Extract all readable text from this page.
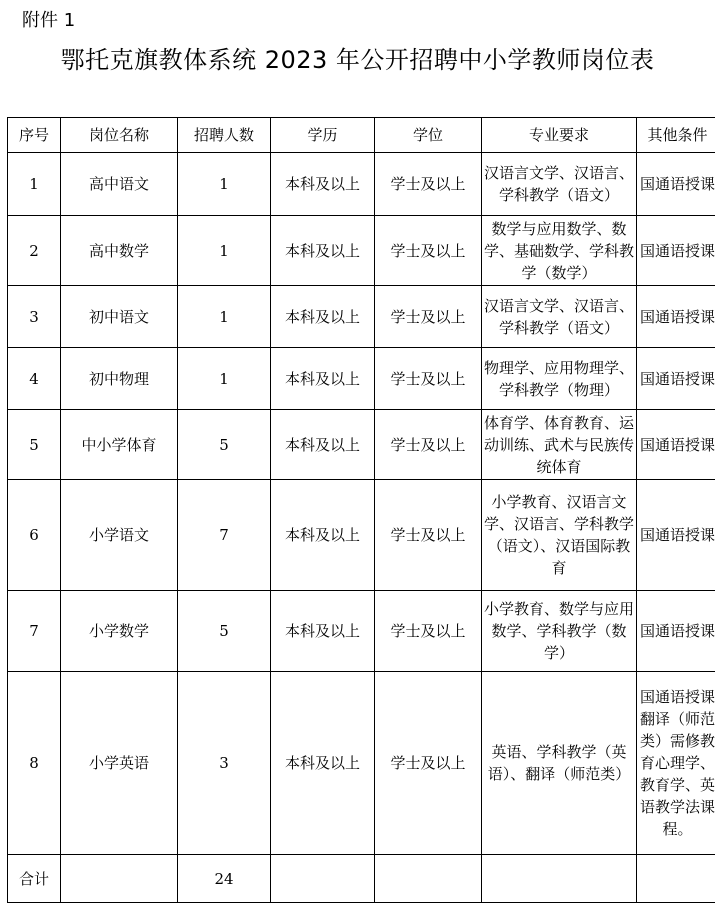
附件 1
鄂托克旗教体系统 2023 年公开招聘中小学教师岗位表
序号	岗位名称	招聘人数	学历	学位	专业要求	其他条件
1	高中语文	1	本科及以上	学士及以上	汉语言文学、汉语言、学科教学（语文）	国通语授课
2	高中数学	1	本科及以上	学士及以上	数学与应用数学、数学、基础数学、学科教学（数学）	国通语授课
3	初中语文	1	本科及以上	学士及以上	汉语言文学、汉语言、学科教学（语文）	国通语授课
4	初中物理	1	本科及以上	学士及以上	物理学、应用物理学、学科教学（物理）	国通语授课
5	中小学体育	5	本科及以上	学士及以上	体育学、体育教育、运动训练、武术与民族传统体育	国通语授课
6	小学语文	7	本科及以上	学士及以上	小学教育、汉语言文学、汉语言、学科教学（语文）、汉语国际教育	国通语授课
7	小学数学	5	本科及以上	学士及以上	小学教育、数学与应用数学、学科教学（数学）	国通语授课
8	小学英语	3	本科及以上	学士及以上	英语、学科教学（英语）、翻译（师范类）	国通语授课 翻译（师范类）需修教育心理学、教育学、英语教学法课程。
合计		24				
